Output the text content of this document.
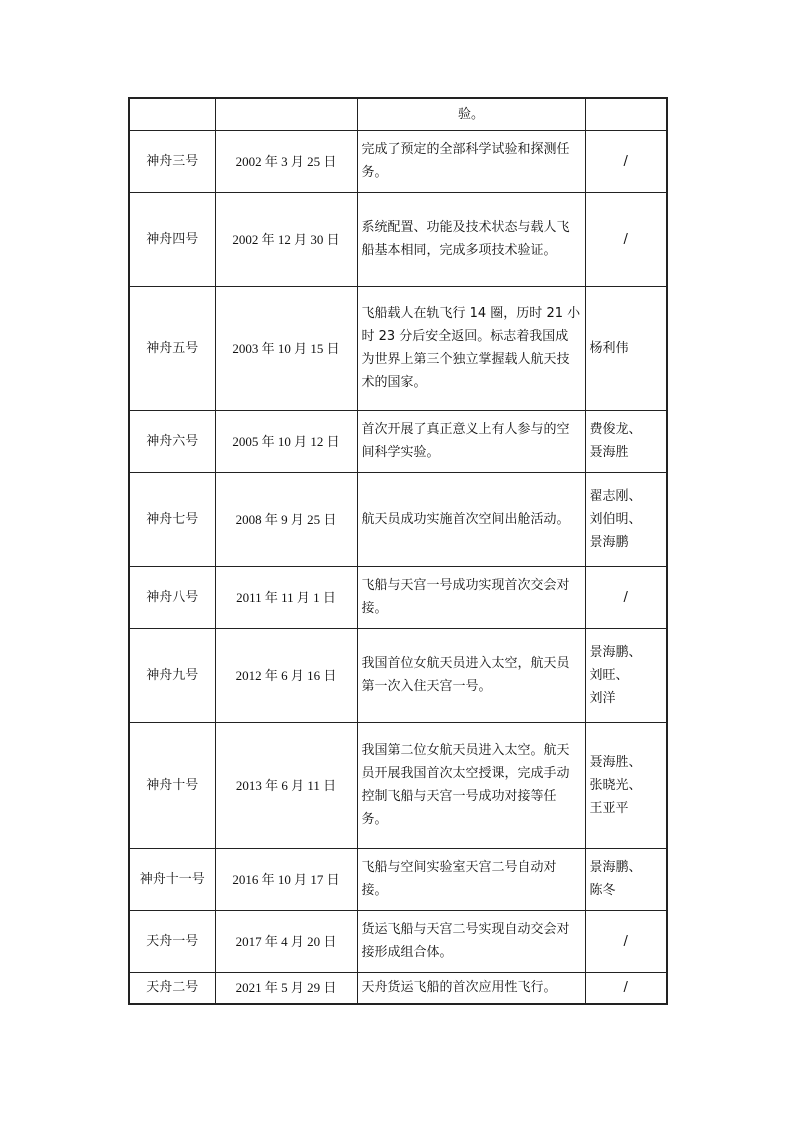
		验。	
神舟三号	2002 年 3 月 25 日	完成了预定的全部科学试验和探测任务。	/
神舟四号	2002 年 12 月 30 日	系统配置、功能及技术状态与载人飞船基本相同，完成多项技术验证。	/
神舟五号	2003 年 10 月 15 日	飞船载人在轨飞行 14 圈，历时 21 小时 23 分后安全返回。标志着我国成为世界上第三个独立掌握载人航天技术的国家。	杨利伟

神舟六号	2005 年 10 月 12 日	首次开展了真正意义上有人参与的空间科学实验。	费俊龙、
聂海胜

神舟七号	2008 年 9 月 25 日	航天员成功实施首次空间出舱活动。	翟志刚、
刘伯明、
景海鹏

神舟八号	2011 年 11 月 1 日	飞船与天宫一号成功实现首次交会对接。	/
神舟九号	2012 年 6 月 16 日	我国首位女航天员进入太空，航天员第一次入住天宫一号。	景海鹏、
刘旺、
刘洋

神舟十号	2013 年 6 月 11 日	我国第二位女航天员进入太空。航天员开展我国首次太空授课，完成手动控制飞船与天宫一号成功对接等任务。	聂海胜、
张晓光、
王亚平

神舟十一号	2016 年 10 月 17 日	飞船与空间实验室天宫二号自动对接。	景海鹏、
陈冬

天舟一号	2017 年 4 月 20 日	货运飞船与天宫二号实现自动交会对接形成组合体。	/
天舟二号	2021 年 5 月 29 日	天舟货运飞船的首次应用性飞行。	/
